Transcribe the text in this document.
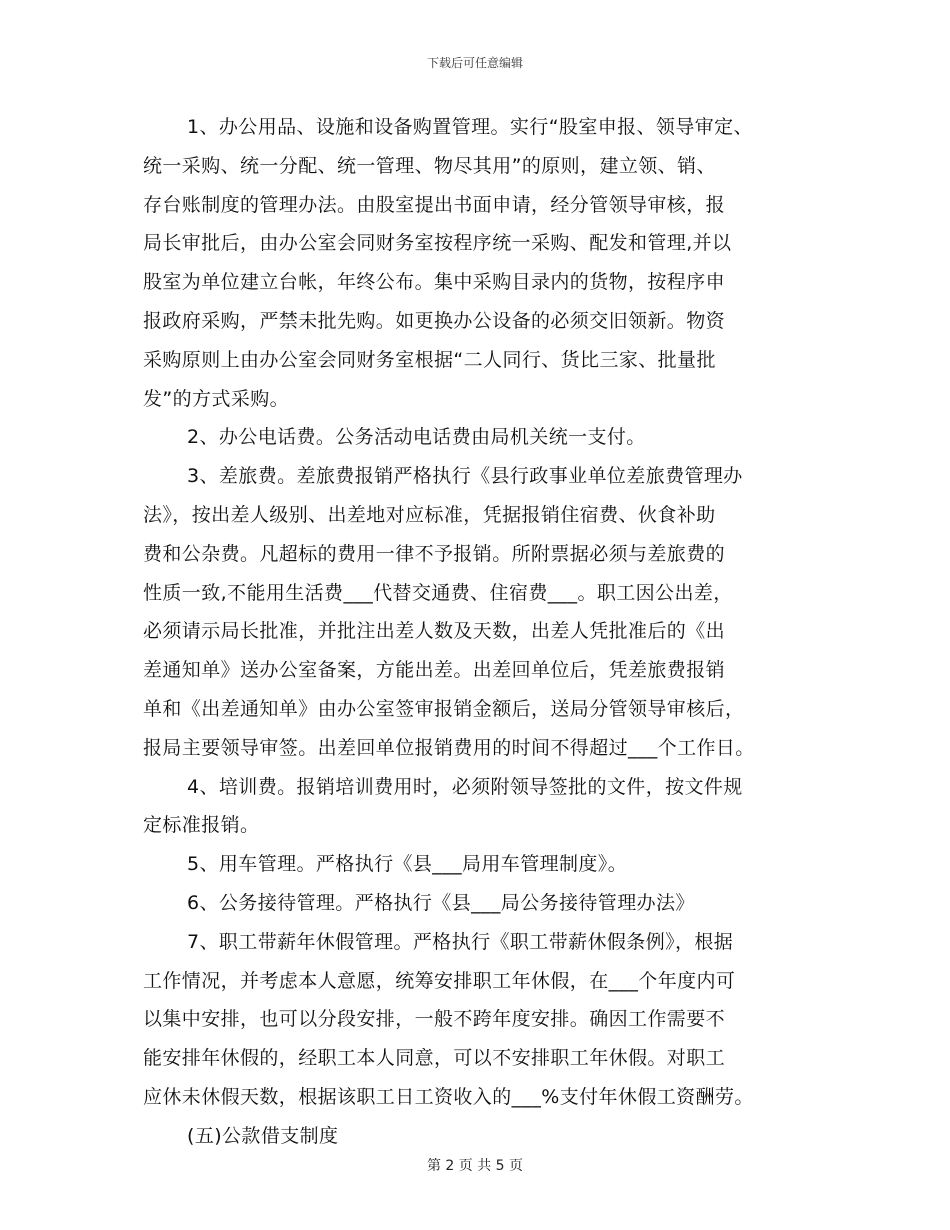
下载后可任意编辑
1、办公用品、设施和设备购置管理。实行“股室申报、领导审定、
统一采购、统一分配、统一管理、物尽其用”的原则，建立领、销、
存台账制度的管理办法。由股室提出书面申请，经分管领导审核，报
局长审批后，由办公室会同财务室按程序统一采购、配发和管理,并以
股室为单位建立台帐，年终公布。集中采购目录内的货物，按程序申
报政府采购，严禁未批先购。如更换办公设备的必须交旧领新。物资
采购原则上由办公室会同财务室根据“二人同行、货比三家、批量批
发”的方式采购。
2、办公电话费。公务活动电话费由局机关统一支付。
3、差旅费。差旅费报销严格执行《县行政事业单位差旅费管理办
法》，按出差人级别、出差地对应标准，凭据报销住宿费、伙食补助
费和公杂费。凡超标的费用一律不予报销。所附票据必须与差旅费的
性质一致,不能用生活费___代替交通费、住宿费___。职工因公出差，
必须请示局长批准，并批注出差人数及天数，出差人凭批准后的《出
差通知单》送办公室备案，方能出差。出差回单位后，凭差旅费报销
单和《出差通知单》由办公室签审报销金额后，送局分管领导审核后，
报局主要领导审签。出差回单位报销费用的时间不得超过___个工作日。
4、培训费。报销培训费用时，必须附领导签批的文件，按文件规
定标准报销。
5、用车管理。严格执行《县___局用车管理制度》。
6、公务接待管理。严格执行《县___局公务接待管理办法》
7、职工带薪年休假管理。严格执行《职工带薪休假条例》，根据
工作情况，并考虑本人意愿，统筹安排职工年休假，在___个年度内可
以集中安排，也可以分段安排，一般不跨年度安排。确因工作需要不
能安排年休假的，经职工本人同意，可以不安排职工年休假。对职工
应休未休假天数，根据该职工日工资收入的___%支付年休假工资酬劳。
(五)公款借支制度
第 2 页 共 5 页
